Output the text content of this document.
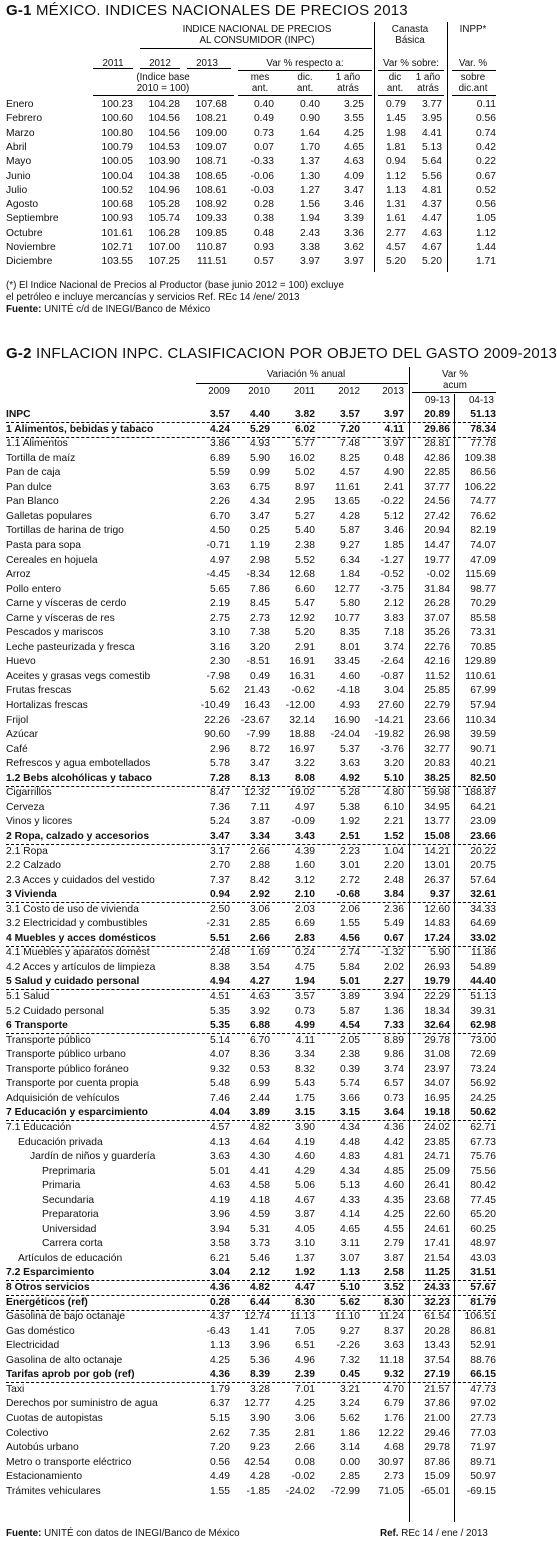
G-1 MÉXICO. INDICES NACIONALES DE PRECIOS 2013
INDICE NACIONAL DE PRECIOS
AL CONSUMIDOR (INPC)
Canasta
Básica
INPP*
2011	2012	2013	Var % respecto a:	Var % sobre:	Var. %
(Indice base
2010 = 100)
mes
ant.
dic.
ant.
1 año
atrás
dic
ant.
1 año
atrás
sobre
dic.ant
Enero	100.23 104.28 107.68	0.40	0.40 3.25 0.79 3.77	0.11
Febrero	100.60 104.56 108.21	0.49	0.90 3.55 1.45 3.95	0.56
Marzo	100.80 104.56 109.00	0.73	1.64 4.25 1.98 4.41	0.74
Abril	100.79 104.53 109.07	0.07	1.70 4.65 1.81 5.13	0.42
Mayo	100.05 103.90 108.71 -0.33	1.37 4.63 0.94 5.64	0.22
Junio	100.04 104.38 108.65 -0.06	1.30 4.09 1.12 5.56	0.67
Julio	100.52 104.96 108.61 -0.03	1.27 3.47 1.13 4.81	0.52
Agosto	100.68 105.28 108.92	0.28	1.56 3.46 1.31 4.37	0.56
Septiembre	100.93 105.74 109.33	0.38	1.94 3.39 1.61 4.47	1.05
Octubre	101.61 106.28 109.85	0.48	2.43 3.36 2.77 4.63	1.12
Noviembre	102.71 107.00 110.87	0.93	3.38 3.62 4.57 4.67	1.44
Diciembre	103.55 107.25 111.51	0.57	3.97 3.97 5.20 5.20	1.71
(*) El Indice Nacional de Precios al Productor (base junio 2012 = 100) excluye
el petróleo e incluye mercancías y servicios Ref. REc 14 /ene/ 2013
Fuente: UNITÉ c/d de INEGI/Banco de México
G-2 INFLACION INPC. CLASIFICACION POR OBJETO DEL GASTO 2009-2013
Variación % anual	Var %
acum
2009	2010	2011	2012	2013
09-13	04-13
INPC	3.57 4.40 3.82 3.57 3.97 20.89 51.13
1 Alimentos, bebidas y tabaco	4.24 5.29 6.02 7.20 4.11 29.86 78.34
1.1 Alimentos	3.86 4.93 5.77 7.48 3.97 28.81 77.78
Tortilla de maíz	6.89 5.90 16.02 8.25 0.48 42.86 109.38
Pan de caja	5.59 0.99 5.02 4.57 4.90 22.85 86.56
Pan dulce	3.63 6.75 8.97 11.61 2.41 37.77 106.22
Pan Blanco	2.26 4.34 2.95 13.65 -0.22 24.56 74.77
Galletas populares	6.70 3.47 5.27 4.28 5.12 27.42 76.62
Tortillas de harina de trigo	4.50 0.25 5.40 5.87 3.46 20.94 82.19
Pasta para sopa	-0.71 1.19 2.38 9.27 1.85 14.47 74.07
Cereales en hojuela	4.97 2.98 5.52 6.34 -1.27 19.77 47.09
Arroz	-4.45 -8.34 12.68 1.84 -0.52 -0.02 115.69
Pollo entero	5.65 7.86 6.60 12.77 -3.75 31.84 98.77
Carne y vísceras de cerdo	2.19 8.45 5.47 5.80 2.12 26.28 70.29
Carne y vísceras de res	2.75 2.73 12.92 10.77 3.83 37.07 85.58
Pescados y mariscos	3.10 7.38 5.20 8.35 7.18 35.26 73.31
Leche pasteurizada y fresca	3.16 3.20 2.91 8.01 3.74 22.76 70.85
Huevo	2.30 -8.51 16.91 33.45 -2.64 42.16 129.89
Aceites y grasas vegs comestib	-7.98 0.49 16.31 4.60 -0.87 11.52 110.61
Frutas frescas	5.62 21.43 -0.62 -4.18 3.04 25.85 67.99
Hortalizas frescas	-10.49 16.43 -12.00 4.93 27.60 22.79 57.94
Frijol	22.26 -23.67 32.14 16.90 -14.21 23.66 110.34
Azúcar	90.60 -7.99 18.88 -24.04 -19.82 26.98 39.59
Café	2.96 8.72 16.97 5.37 -3.76 32.77 90.71
Refrescos y agua embotellados	5.78 3.47 3.22 3.63 3.20 20.83 40.21
1.2 Bebs alcohólicas y tabaco	7.28 8.13 8.08 4.92 5.10 38.25 82.50
Cigarrillos	8.47 12.32 19.02 5.28 4.80 59.98 188.87
Cerveza	7.36 7.11 4.97 5.38 6.10 34.95 64.21
Vinos y licores	5.24 3.87 -0.09 1.92 2.21 13.77 23.09
2 Ropa, calzado y accesorios	3.47 3.34 3.43 2.51 1.52 15.08 23.66
2.1 Ropa	3.17 2.66 4.39 2.23 1.04 14.21 20.22
2.2 Calzado	2.70 2.88 1.60 3.01 2.20 13.01 20.75
2.3 Acces y cuidados del vestido	7.37 8.42 3.12 2.72 2.48 26.37 57.64
3 Vivienda	0.94 2.92 2.10 -0.68 3.84	9.37 32.61
3.1 Costo de uso de vivienda	2.50 3.06 2.03 2.06 2.36 12.60 34.33
3.2 Electricidad y combustibles	-2.31 2.85 6.69 1.55 5.49 14.83 64.69
4 Muebles y acces domésticos	5.51 2.66 2.83 4.56 0.67 17.24 33.02
4.1 Muebles y aparatos domést	2.48 1.69 0.24 2.74 -1.32	5.90 11.86
4.2 Acces y artículos de limpieza	8.38 3.54 4.75 5.84 2.02 26.93 54.89
5 Salud y cuidado personal	4.94 4.27 1.94 5.01 2.27 19.79 44.40
5.1 Salud	4.51 4.63 3.57 3.89 3.94 22.29 51.13
5.2 Cuidado personal	5.35 3.92 0.73 5.87 1.36 18.34 39.31
6 Transporte	5.35 6.88 4.99 4.54 7.33 32.64 62.98
Transporte público	5.14 6.70 4.11 2.05 8.89 29.78 73.00
Transporte público urbano	4.07 8.36 3.34 2.38 9.86 31.08 72.69
Transporte público foráneo	9.32 0.53 8.32 0.39 3.74 23.97 73.24
Transporte por cuenta propia	5.48 6.99 5.43 5.74 6.57 34.07 56.92
Adquisición de vehículos	7.46 2.44 1.75 3.66 0.73 16.95 24.25
7 Educación y esparcimiento	4.04 3.89 3.15 3.15 3.64 19.18 50.62
7.1 Educación	4.57 4.82 3.90 4.34 4.36 24.02 62.71
Educación privada	4.13 4.64 4.19 4.48 4.42 23.85 67.73
Jardín de niños y guardería	3.63 4.30 4.60 4.83 4.81 24.71 75.76
Preprimaria	5.01 4.41 4.29 4.34 4.85 25.09 75.56
Primaria	4.63 4.58 5.06 5.13 4.60 26.41 80.42
Secundaria	4.19 4.18 4.67 4.33 4.35 23.68 77.45
Preparatoria	3.96 4.59 3.87 4.14 4.25 22.60 65.20
Universidad	3.94 5.31 4.05 4.65 4.55 24.61 60.25
Carrera corta	3.58 3.73 3.10 3.11 2.79 17.41 48.97
Artículos de educación	6.21 5.46 1.37 3.07 3.87 21.54 43.03
7.2 Esparcimiento	3.04 2.12 1.92 1.13 2.58 11.25 31.51
8 Otros servicios	4.36 4.82 4.47 5.10 3.52 24.33 57.67
Energéticos (ref)	0.28 6.44 8.30 5.62 8.30 32.23 81.79
Gasolina de bajo octanaje	4.37 12.74 11.13 11.10 11.24 61.54 106.51
Gas doméstico	-6.43 1.41 7.05 9.27 8.37 20.28 86.81
Electricidad	1.13 3.96 6.51 -2.26 3.63 13.43 52.91
Gasolina de alto octanaje	4.25 5.36 4.96 7.32 11.18 37.54 88.76
Tarifas aprob por gob (ref)	4.36 8.39 2.39 0.45 9.32 27.19 66.15
Taxi	1.79 3.28 7.01 3.21 4.70 21.57 47.73
Derechos por suministro de agua	6.37 12.77 4.25 3.24 6.79 37.86 97.02
Cuotas de autopistas	5.15 3.90 3.06 5.62 1.76 21.00 27.73
Colectivo	2.62 7.35 2.81 1.86 12.22 29.46 77.03
Autobús urbano	7.20 9.23 2.66 3.14 4.68 29.78 71.97
Metro o transporte eléctrico	0.56 42.54 0.08 0.00 30.97 87.86 89.71
Estacionamiento	4.49 4.28 -0.02 2.85 2.73 15.09 50.97
Trámites vehiculares	1.55 -1.85 -24.02 -72.99 71.05 -65.01 -69.15
Fuente: UNITÉ con datos de INEGI/Banco de México	Ref. REc 14 / ene / 2013
